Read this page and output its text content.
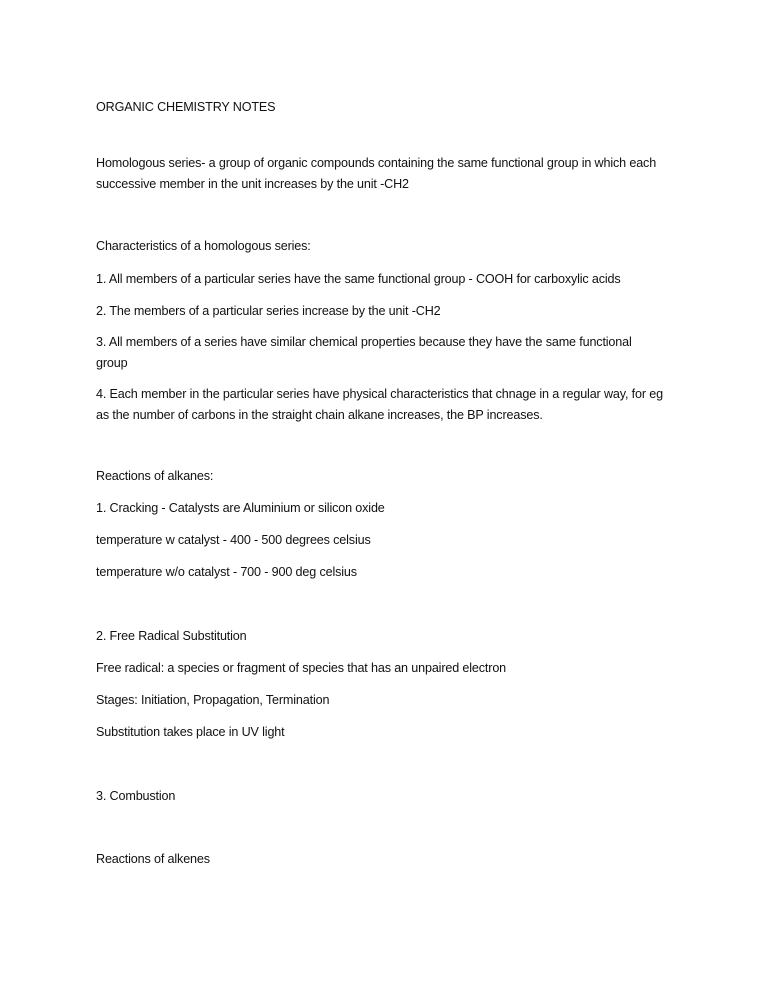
ORGANIC CHEMISTRY NOTES
Homologous series- a group of organic compounds containing the same functional group in which each
successive member in the unit increases by the unit -CH2
Characteristics of a homologous series:
1. All members of a particular series have the same functional group - COOH for carboxylic acids
2. The members of a particular series increase by the unit -CH2
3. All members of a series have similar chemical properties because they have the same functional
group
4. Each member in the particular series have physical characteristics that chnage in a regular way, for eg
as the number of carbons in the straight chain alkane increases, the BP increases.
Reactions of alkanes:
1. Cracking - Catalysts are Aluminium or silicon oxide
temperature w catalyst - 400 - 500 degrees celsius
temperature w/o catalyst - 700 - 900 deg celsius
2. Free Radical Substitution
Free radical: a species or fragment of species that has an unpaired electron
Stages: Initiation, Propagation, Termination
Substitution takes place in UV light
3. Combustion
Reactions of alkenes
